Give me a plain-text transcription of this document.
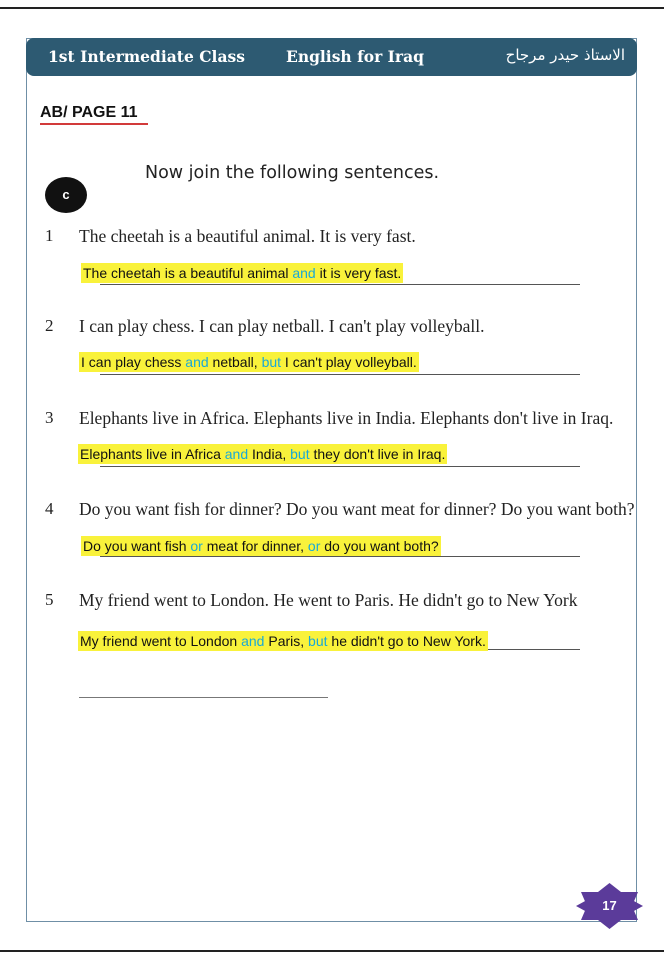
1st Intermediate Class	English for Iraq	الاستاذ حيدر مرجاح
AB/ PAGE 11
c
Now join the following sentences.
1 The cheetah is a beautiful animal. It is very fast.
The cheetah is a beautiful animal and it is very fast.
2 I can play chess. I can play netball. I can't play volleyball.
I can play chess and netball, but I can't play volleyball.
3 Elephants live in Africa. Elephants live in India. Elephants don't live in Iraq.
Elephants live in Africa and India, but they don't live in Iraq.
4 Do you want fish for dinner? Do you want meat for dinner? Do you want both?
Do you want fish or meat for dinner, or do you want both?
5 My friend went to London. He went to Paris. He didn't go to New York
My friend went to London and Paris, but he didn't go to New York.
17
